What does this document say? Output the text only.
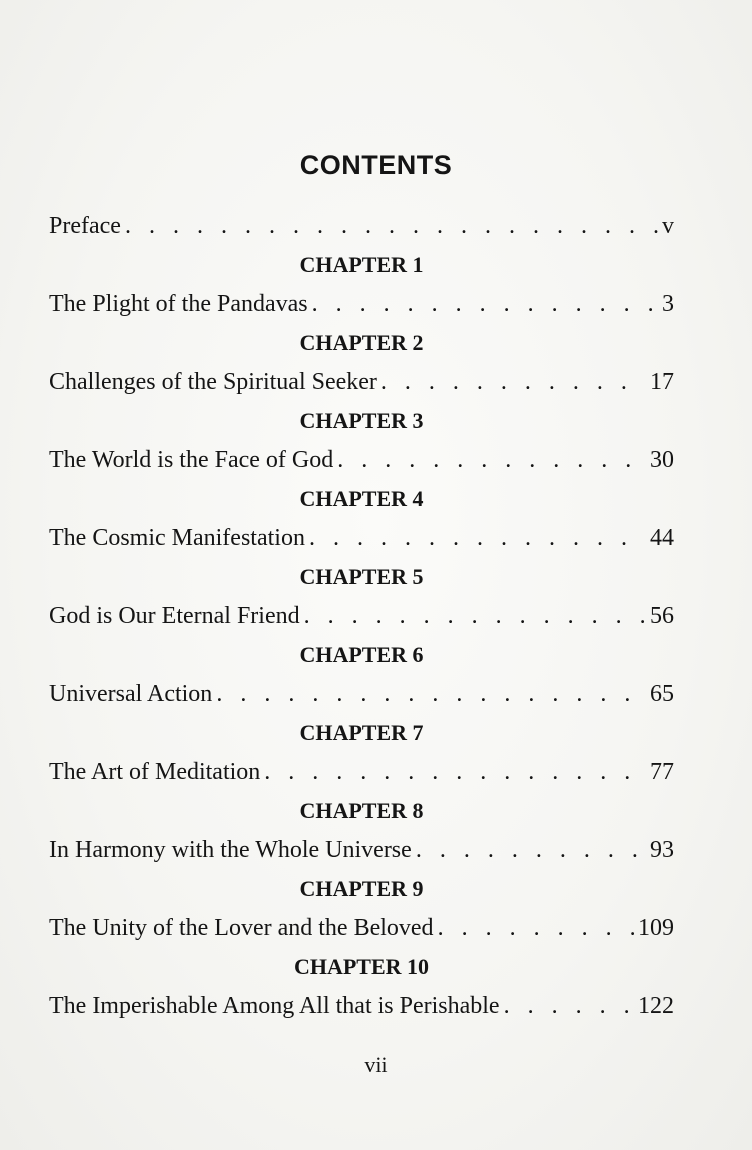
CONTENTS
Preface . . .	v
CHAPTER 1
The Plight of the Pandavas . . .	3
CHAPTER 2
Challenges of the Spiritual Seeker . . .	17
CHAPTER 3
The World is the Face of God . . .	30
CHAPTER 4
The Cosmic Manifestation . . .	44
CHAPTER 5
God is Our Eternal Friend . . .	56
CHAPTER 6
Universal Action . . .	65
CHAPTER 7
The Art of Meditation . . .	77
CHAPTER 8
In Harmony with the Whole Universe . . .	93
CHAPTER 9
The Unity of the Lover and the Beloved . . .	109
CHAPTER 10
The Imperishable Among All that is Perishable . . .	122
vii
